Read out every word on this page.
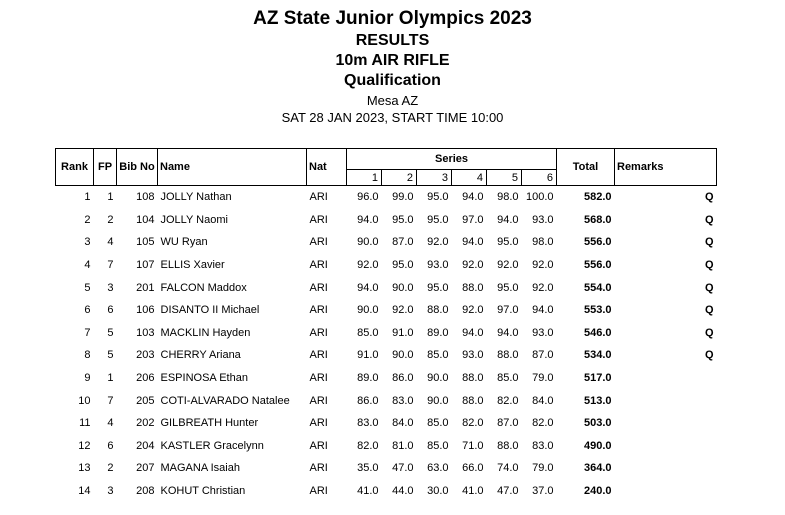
AZ State Junior Olympics 2023
RESULTS
10m AIR RIFLE
Qualification
Mesa AZ
SAT 28 JAN 2023, START TIME 10:00
Rank	FP	Bib No	Name	Nat	Series						Total	Remarks
					1	2	3	4	5	6		
1	1	108	JOLLY Nathan	ARI	96.0	99.0	95.0	94.0	98.0	100.0	582.0	Q
2	2	104	JOLLY Naomi	ARI	94.0	95.0	95.0	97.0	94.0	93.0	568.0	Q
3	4	105	WU Ryan	ARI	90.0	87.0	92.0	94.0	95.0	98.0	556.0	Q
4	7	107	ELLIS Xavier	ARI	92.0	95.0	93.0	92.0	92.0	92.0	556.0	Q
5	3	201	FALCON Maddox	ARI	94.0	90.0	95.0	88.0	95.0	92.0	554.0	Q
6	6	106	DISANTO II Michael	ARI	90.0	92.0	88.0	92.0	97.0	94.0	553.0	Q
7	5	103	MACKLIN Hayden	ARI	85.0	91.0	89.0	94.0	94.0	93.0	546.0	Q
8	5	203	CHERRY Ariana	ARI	91.0	90.0	85.0	93.0	88.0	87.0	534.0	Q
9	1	206	ESPINOSA Ethan	ARI	89.0	86.0	90.0	88.0	85.0	79.0	517.0	
10	7	205	COTI-ALVARADO Natalee	ARI	86.0	83.0	90.0	88.0	82.0	84.0	513.0	
11	4	202	GILBREATH Hunter	ARI	83.0	84.0	85.0	82.0	87.0	82.0	503.0	
12	6	204	KASTLER Gracelynn	ARI	82.0	81.0	85.0	71.0	88.0	83.0	490.0	
13	2	207	MAGANA Isaiah	ARI	35.0	47.0	63.0	66.0	74.0	79.0	364.0	
14	3	208	KOHUT Christian	ARI	41.0	44.0	30.0	41.0	47.0	37.0	240.0	
